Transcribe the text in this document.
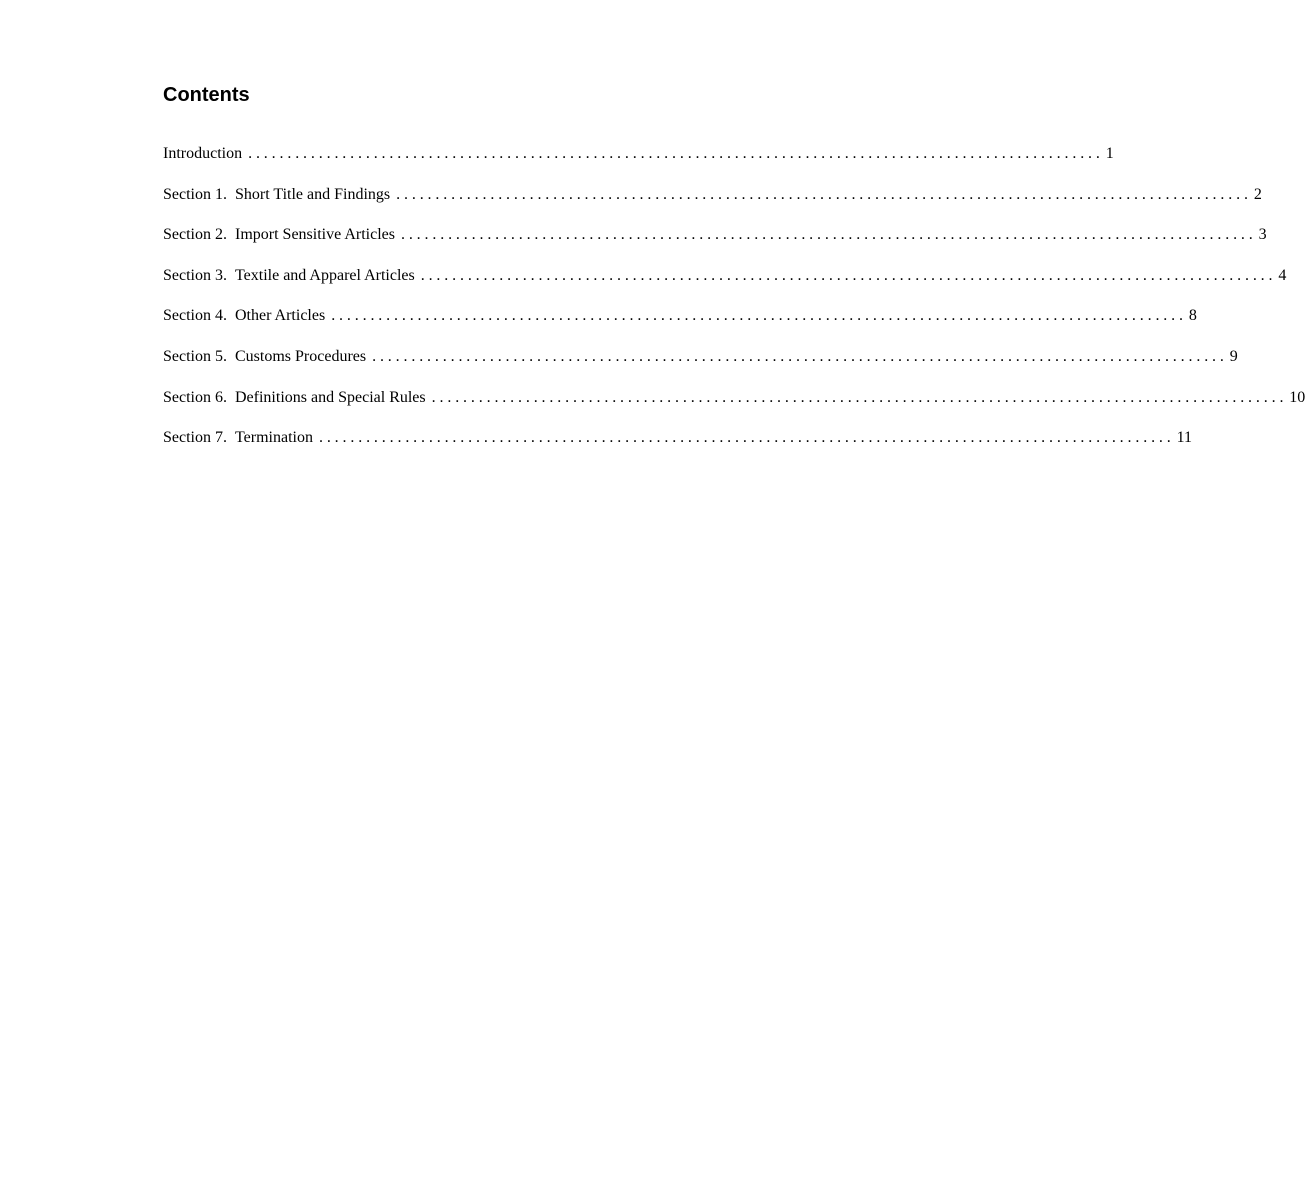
Contents
Introduction ............................................................................................................. 1
Section 1. Short Title and Findings ............................................................................................................. 2
Section 2. Import Sensitive Articles ............................................................................................................. 3
Section 3. Textile and Apparel Articles ............................................................................................................. 4
Section 4. Other Articles ............................................................................................................. 8
Section 5. Customs Procedures ............................................................................................................. 9
Section 6. Definitions and Special Rules ............................................................................................................. 10
Section 7. Termination ............................................................................................................. 11
